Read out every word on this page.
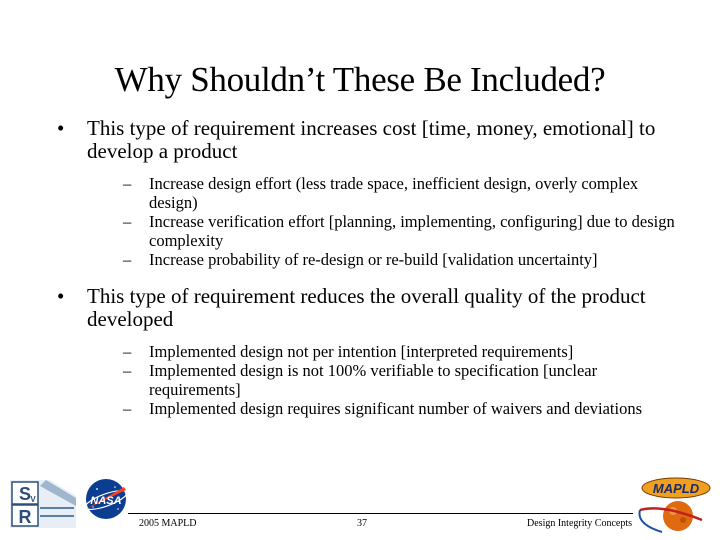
Why Shouldn’t These Be Included?
• This type of requirement increases cost [time, money, emotional] to develop a product
– Increase design effort (less trade space, inefficient design, overly complex design)
– Increase verification effort [planning, implementing, configuring] due to design complexity
– Increase probability of re-design or re-build [validation uncertainty]
• This type of requirement reduces the overall quality of the product developed
– Implemented design not per intention [interpreted requirements]
– Implemented design is not 100% verifiable to specification [unclear requirements]
– Implemented design requires significant number of waivers and deviations
S V
R
NASA
MAPLD
2005 MAPLD	37	Design Integrity Concepts
